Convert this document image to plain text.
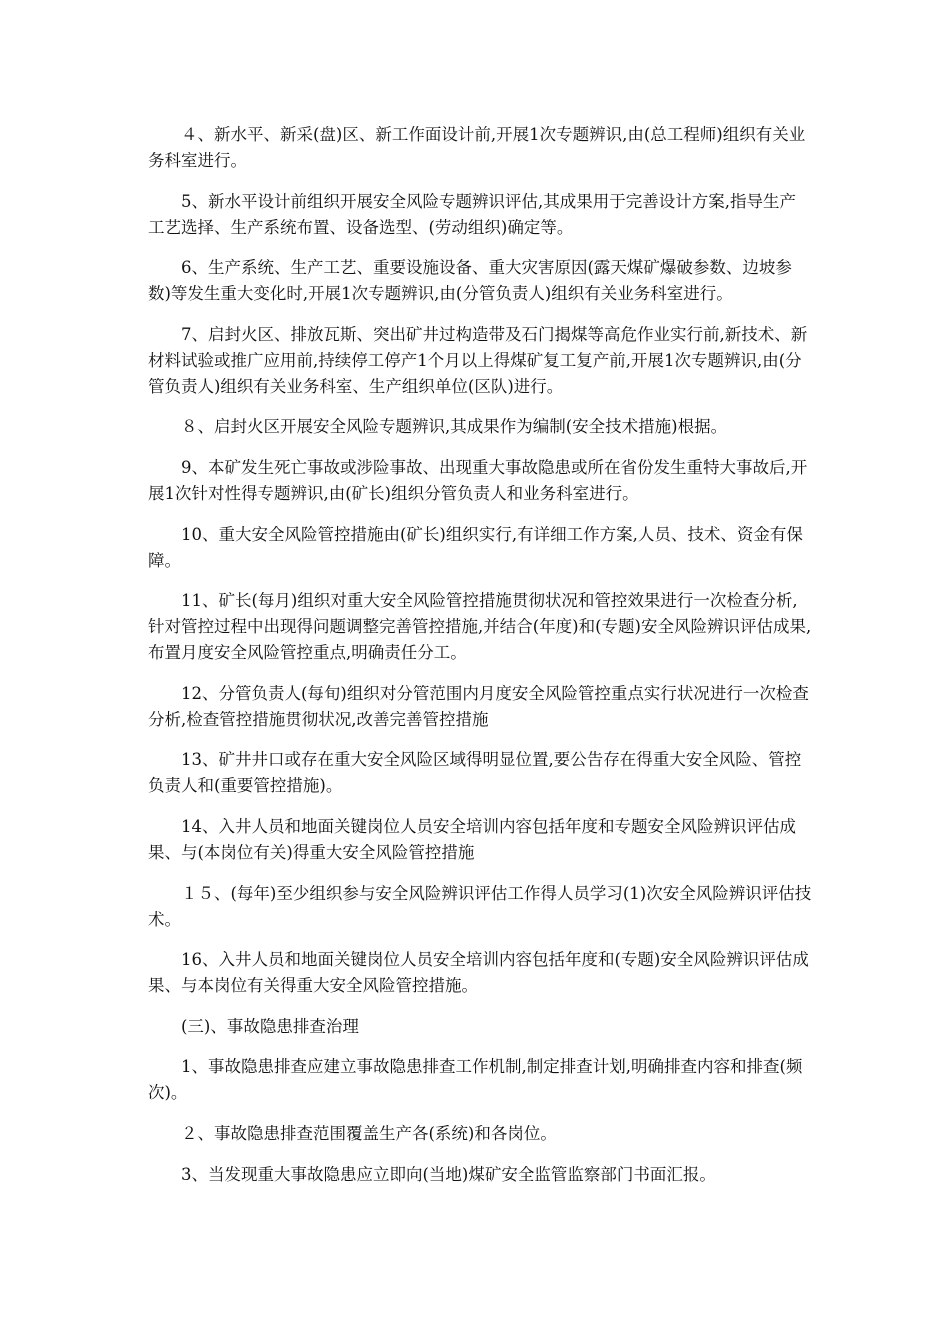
４、新水平、新采(盘)区、新工作面设计前,开展1次专题辨识,由(总工程师)组织有关业务科室进行。

5、新水平设计前组织开展安全风险专题辨识评估,其成果用于完善设计方案,指导生产工艺选择、生产系统布置、设备选型、(劳动组织)确定等。

6、生产系统、生产工艺、重要设施设备、重大灾害原因(露天煤矿爆破参数、边坡参数)等发生重大变化时,开展1次专题辨识,由(分管负责人)组织有关业务科室进行。

7、启封火区、排放瓦斯、突出矿井过构造带及石门揭煤等高危作业实行前,新技术、新材料试验或推广应用前,持续停工停产1个月以上得煤矿复工复产前,开展1次专题辨识,由(分管负责人)组织有关业务科室、生产组织单位(区队)进行。

８、启封火区开展安全风险专题辨识,其成果作为编制(安全技术措施)根据。

9、本矿发生死亡事故或涉险事故、出现重大事故隐患或所在省份发生重特大事故后,开展1次针对性得专题辨识,由(矿长)组织分管负责人和业务科室进行。

10、重大安全风险管控措施由(矿长)组织实行,有详细工作方案,人员、技术、资金有保障。

11、矿长(每月)组织对重大安全风险管控措施贯彻状况和管控效果进行一次检查分析,针对管控过程中出现得问题调整完善管控措施,并结合(年度)和(专题)安全风险辨识评估成果,布置月度安全风险管控重点,明确责任分工。

12、分管负责人(每旬)组织对分管范围内月度安全风险管控重点实行状况进行一次检查分析,检查管控措施贯彻状况,改善完善管控措施

13、矿井井口或存在重大安全风险区域得明显位置,要公告存在得重大安全风险、管控负责人和(重要管控措施)。

14、入井人员和地面关键岗位人员安全培训内容包括年度和专题安全风险辨识评估成果、与(本岗位有关)得重大安全风险管控措施

１５、(每年)至少组织参与安全风险辨识评估工作得人员学习(1)次安全风险辨识评估技术。

16、入井人员和地面关键岗位人员安全培训内容包括年度和(专题)安全风险辨识评估成果、与本岗位有关得重大安全风险管控措施。

(三)、事故隐患排查治理

1、事故隐患排查应建立事故隐患排查工作机制,制定排查计划,明确排查内容和排查(频次)。

２、事故隐患排查范围覆盖生产各(系统)和各岗位。

3、当发现重大事故隐患应立即向(当地)煤矿安全监管监察部门书面汇报。
